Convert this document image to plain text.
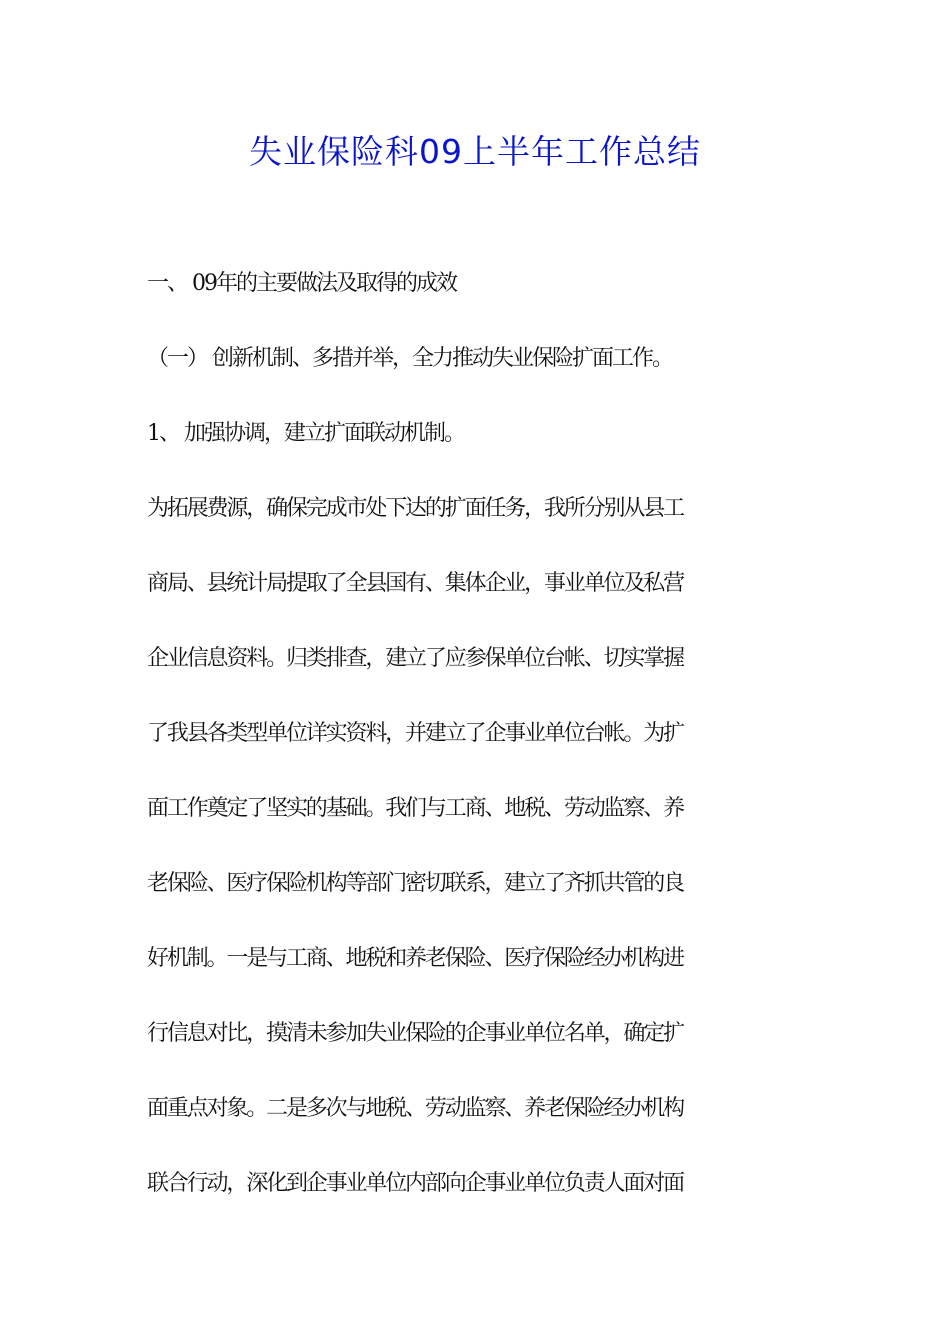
失业保险科09上半年工作总结

一、 09年的主要做法及取得的成效

（一） 创新机制、多措并举，全力推动失业保险扩面工作。

1、 加强协调，建立扩面联动机制。

为拓展费源，确保完成市处下达的扩面任务，我所分别从县工

商局、县统计局提取了全县国有、集体企业，事业单位及私营

企业信息资料。归类排查，建立了应参保单位台帐、切实掌握

了我县各类型单位详实资料，并建立了企事业单位台帐。为扩

面工作奠定了坚实的基础。我们与工商、地税、劳动监察、养

老保险、医疗保险机构等部门密切联系，建立了齐抓共管的良

好机制。一是与工商、地税和养老保险、医疗保险经办机构进

行信息对比，摸清未参加失业保险的企事业单位名单，确定扩

面重点对象。二是多次与地税、劳动监察、养老保险经办机构

联合行动，深化到企事业单位内部向企事业单位负责人面对面
